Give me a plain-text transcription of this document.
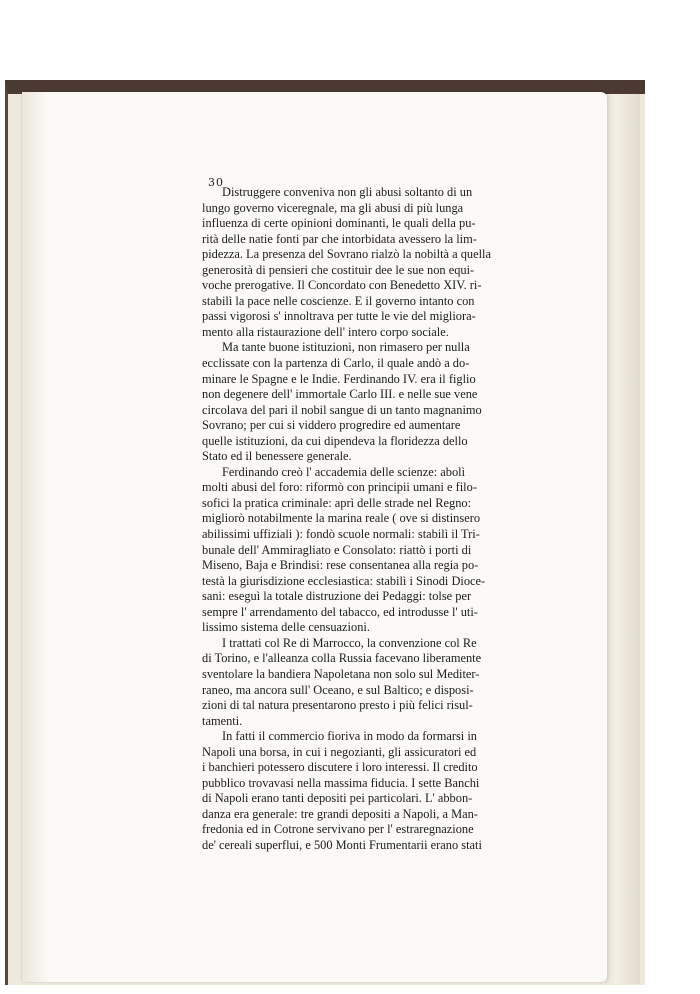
30

Distruggere conveniva non gli abusi soltanto di un
lungo governo viceregnale, ma gli abusi di più lunga
influenza di certe opinioni dominanti, le quali della pu-
rità delle natie fonti par che intorbidata avessero la lim-
pidezza. La presenza del Sovrano rialzò la nobiltà a quella
generosità di pensieri che costituir dee le sue non equi-
voche prerogative. Il Concordato con Benedetto XIV. ri-
stabilì la pace nelle coscienze. E il governo intanto con
passi vigorosi s' innoltrava per tutte le vie del migliora-
mento alla ristaurazione dell' intero corpo sociale.

Ma tante buone istituzioni, non rimasero per nulla
ecclissate con la partenza di Carlo, il quale andò a do-
minare le Spagne e le Indie. Ferdinando IV. era il figlio
non degenere dell' immortale Carlo III. e nelle sue vene
circolava del pari il nobil sangue di un tanto magnanimo
Sovrano; per cui si viddero progredire ed aumentare
quelle istituzioni, da cui dipendeva la floridezza dello
Stato ed il benessere generale.

Ferdinando creò l' accademia delle scienze: abolì
molti abusi del foro: riformò con principii umani e filo-
sofici la pratica criminale: aprì delle strade nel Regno:
migliorò notabilmente la marina reale ( ove si distinsero
abilissimi uffiziali ): fondò scuole normali: stabilì il Tri-
bunale dell' Ammiragliato e Consolato: riattò i porti di
Miseno, Baja e Brindisi: rese consentanea alla regia po-
testà la giurisdizione ecclesiastica: stabilì i Sinodi Dioce-
sani: eseguì la totale distruzione dei Pedaggi: tolse per
sempre l' arrendamento del tabacco, ed introdusse l' uti-
lissimo sistema delle censuazioni.

I trattati col Re di Marrocco, la convenzione col Re
di Torino, e l'alleanza colla Russia facevano liberamente
sventolare la bandiera Napoletana non solo sul Mediter-
raneo, ma ancora sull' Oceano, e sul Baltico; e disposi-
zioni di tal natura presentarono presto i più felici risul-
tamenti.

In fatti il commercio fioriva in modo da formarsi in
Napoli una borsa, in cui i negozianti, gli assicuratori ed
i banchieri potessero discutere i loro interessi. Il credito
pubblico trovavasi nella massima fiducia. I sette Banchi
di Napoli erano tanti depositi pei particolari. L' abbon-
danza era generale: tre grandi depositi a Napoli, a Man-
fredonia ed in Cotrone servivano per l' estraregnazione
de' cereali superflui, e 500 Monti Frumentarii erano stati
